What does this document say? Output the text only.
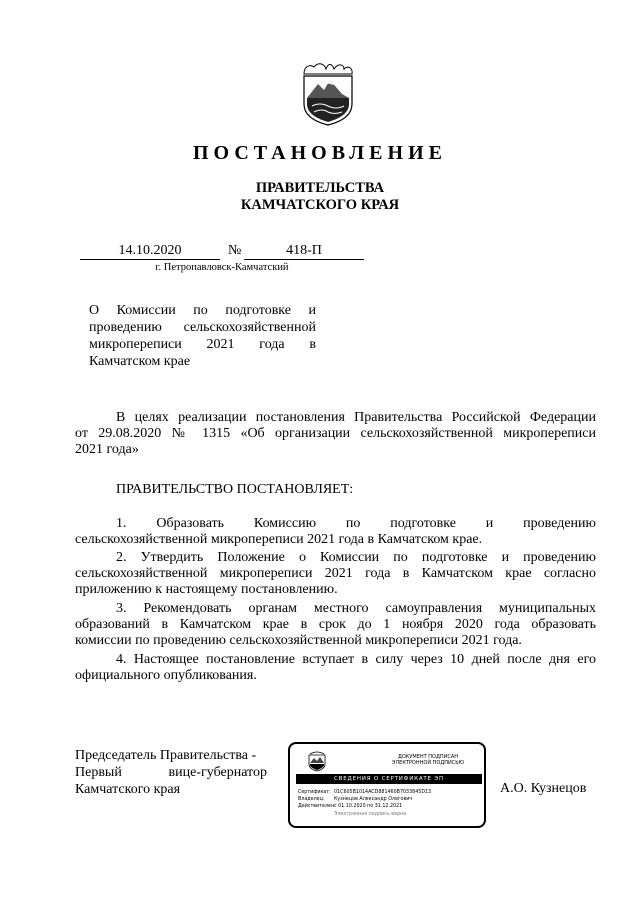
ПОСТАНОВЛЕНИЕ
ПРАВИТЕЛЬСТВА
КАМЧАТСКОГО КРАЯ
14.10.2020	№	418-П
г. Петропавловск-Камчатский
О Комиссии по подготовке и
проведению сельскохозяйственной
микропереписи 2021 года в
Камчатском крае
В целях реализации постановления Правительства Российской Федерации
от 29.08.2020 № 1315 «Об организации сельскохозяйственной микропереписи
2021 года»
ПРАВИТЕЛЬСТВО ПОСТАНОВЛЯЕТ:
1. Образовать Комиссию по подготовке и проведению
сельскохозяйственной микропереписи 2021 года в Камчатском крае.
2. Утвердить Положение о Комиссии по подготовке и проведению
сельскохозяйственной микропереписи 2021 года в Камчатском крае согласно
приложению к настоящему постановлению.
3. Рекомендовать органам местного самоуправления муниципальных
образований в Камчатском крае в срок до 1 ноября 2020 года образовать
комиссии по проведению сельскохозяйственной микропереписи 2021 года.
4. Настоящее постановление вступает в силу через 10 дней после дня его
официального опубликования.
Председатель Правительства -
Первый вице-губернатор
Камчатского края
ДОКУМЕНТ ПОДПИСАН
ЭЛЕКТРОННОЙ ПОДПИСЬЮ
СВЕДЕНИЯ О СЕРТИФИКАТЕ ЭП
Сертификат: 01C605B1014ACD881460B7033845D13
Владелец: Кузнецов Александр Олегович
Действителен:с 01.10.2020 по 31.12.2021
Электронная подпись верна
А.О. Кузнецов
